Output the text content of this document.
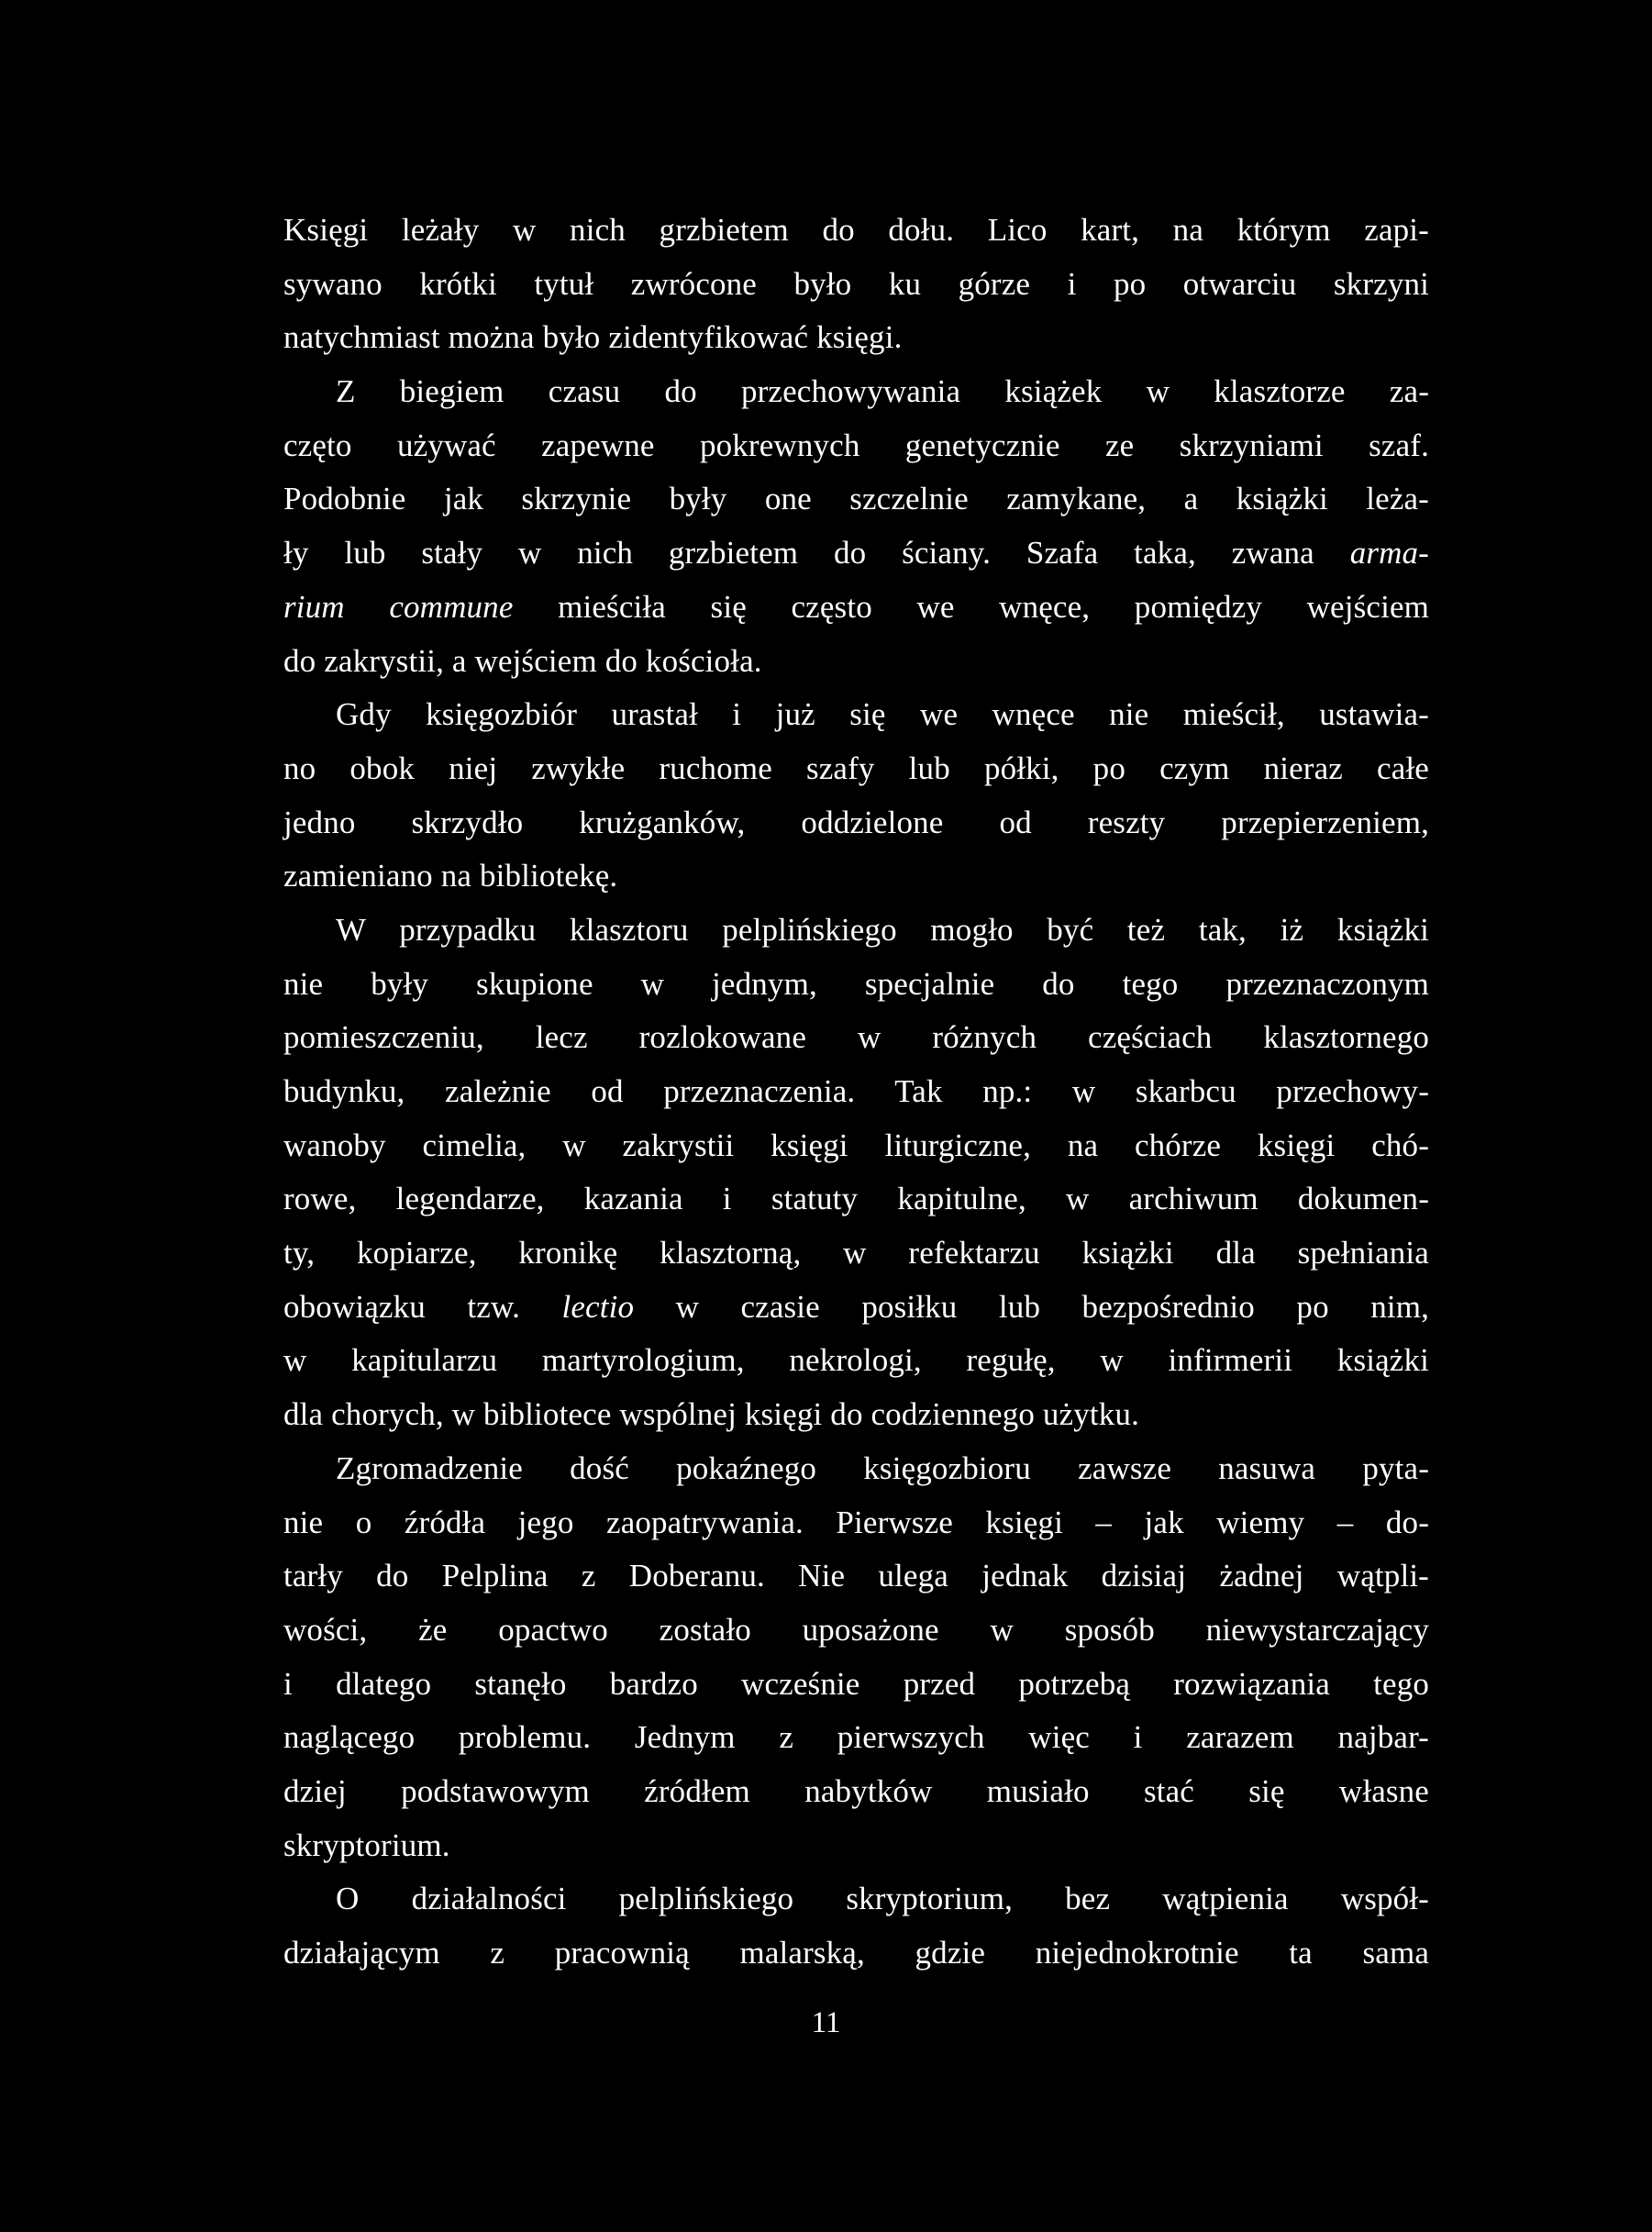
Księgi leżały w nich grzbietem do dołu. Lico kart, na którym zapi-
sywano krótki tytuł zwrócone było ku górze i po otwarciu skrzyni
natychmiast można było zidentyfikować księgi.
Z biegiem czasu do przechowywania książek w klasztorze za-
częto używać zapewne pokrewnych genetycznie ze skrzyniami szaf.
Podobnie jak skrzynie były one szczelnie zamykane, a książki leża-
ły lub stały w nich grzbietem do ściany. Szafa taka, zwana arma-
rium commune mieściła się często we wnęce, pomiędzy wejściem
do zakrystii, a wejściem do kościoła.
Gdy księgozbiór urastał i już się we wnęce nie mieścił, ustawia-
no obok niej zwykłe ruchome szafy lub półki, po czym nieraz całe
jedno skrzydło krużganków, oddzielone od reszty przepierzeniem,
zamieniano na bibliotekę.
W przypadku klasztoru pelplińskiego mogło być też tak, iż książki
nie były skupione w jednym, specjalnie do tego przeznaczonym
pomieszczeniu, lecz rozlokowane w różnych częściach klasztornego
budynku, zależnie od przeznaczenia. Tak np.: w skarbcu przechowy-
wanoby cimelia, w zakrystii księgi liturgiczne, na chórze księgi chó-
rowe, legendarze, kazania i statuty kapitulne, w archiwum dokumen-
ty, kopiarze, kronikę klasztorną, w refektarzu książki dla spełniania
obowiązku tzw. lectio w czasie posiłku lub bezpośrednio po nim,
w kapitularzu martyrologium, nekrologi, regułę, w infirmerii książki
dla chorych, w bibliotece wspólnej księgi do codziennego użytku.
Zgromadzenie dość pokaźnego księgozbioru zawsze nasuwa pyta-
nie o źródła jego zaopatrywania. Pierwsze księgi – jak wiemy – do-
tarły do Pelplina z Doberanu. Nie ulega jednak dzisiaj żadnej wątpli-
wości, że opactwo zostało uposażone w sposób niewystarczający
i dlatego stanęło bardzo wcześnie przed potrzebą rozwiązania tego
naglącego problemu. Jednym z pierwszych więc i zarazem najbar-
dziej podstawowym źródłem nabytków musiało stać się własne
skryptorium.
O działalności pelplińskiego skryptorium, bez wątpienia współ-
działającym z pracownią malarską, gdzie niejednokrotnie ta sama
11
